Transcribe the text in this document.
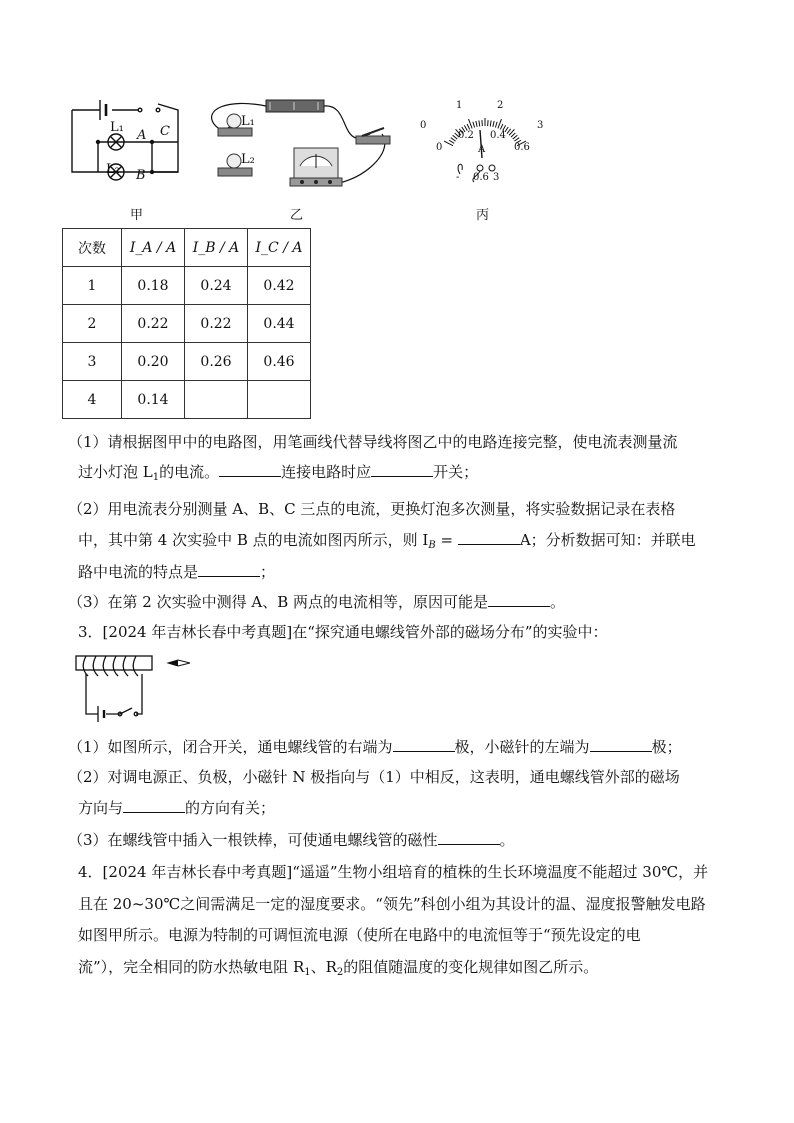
L₁
A C
L₂ B
甲
L₁
L₂
乙
0
1	2
3
0
0.2 0.4
0.6
A
- 0.6 3
丙
次数	I_A / A	I_B / A	I_C / A
1	0.18	0.24	0.42
2	0.22	0.22	0.44
3	0.20	0.26	0.46
4	0.14		
（1）请根据图甲中的电路图，用笔画线代替导线将图乙中的电路连接完整，使电流表测量流
过小灯泡 $L_1$的电流。	连接电路时应	开关；
（2）用电流表分别测量 A、B、C 三点的电流，更换灯泡多次测量，将实验数据记录在表格
中，其中第 4 次实验中 B 点的电流如图丙所示，则 $I_B$ =	A；分析数据可知：并联电
路中电流的特点是	；
（3）在第 2 次实验中测得 A、B 两点的电流相等，原因可能是	。
3．[2024 年吉林长春中考真题]在“探究通电螺线管外部的磁场分布”的实验中：
（1）如图所示，闭合开关，通电螺线管的右端为	极，小磁针的左端为	极；
（2）对调电源正、负极，小磁针 N 极指向与（1）中相反，这表明，通电螺线管外部的磁场
方向与	的方向有关；
（3）在螺线管中插入一根铁棒，可使通电螺线管的磁性	。
4．[2024 年吉林长春中考真题]“遥遥”生物小组培育的植株的生长环境温度不能超过 30℃，并
且在 20~30℃之间需满足一定的湿度要求。“领先”科创小组为其设计的温、湿度报警触发电路
如图甲所示。电源为特制的可调恒流电源（使所在电路中的电流恒等于“预先设定的电
流”），完全相同的防水热敏电阻 $R_1$、$R_2$的阻值随温度的变化规律如图乙所示。
